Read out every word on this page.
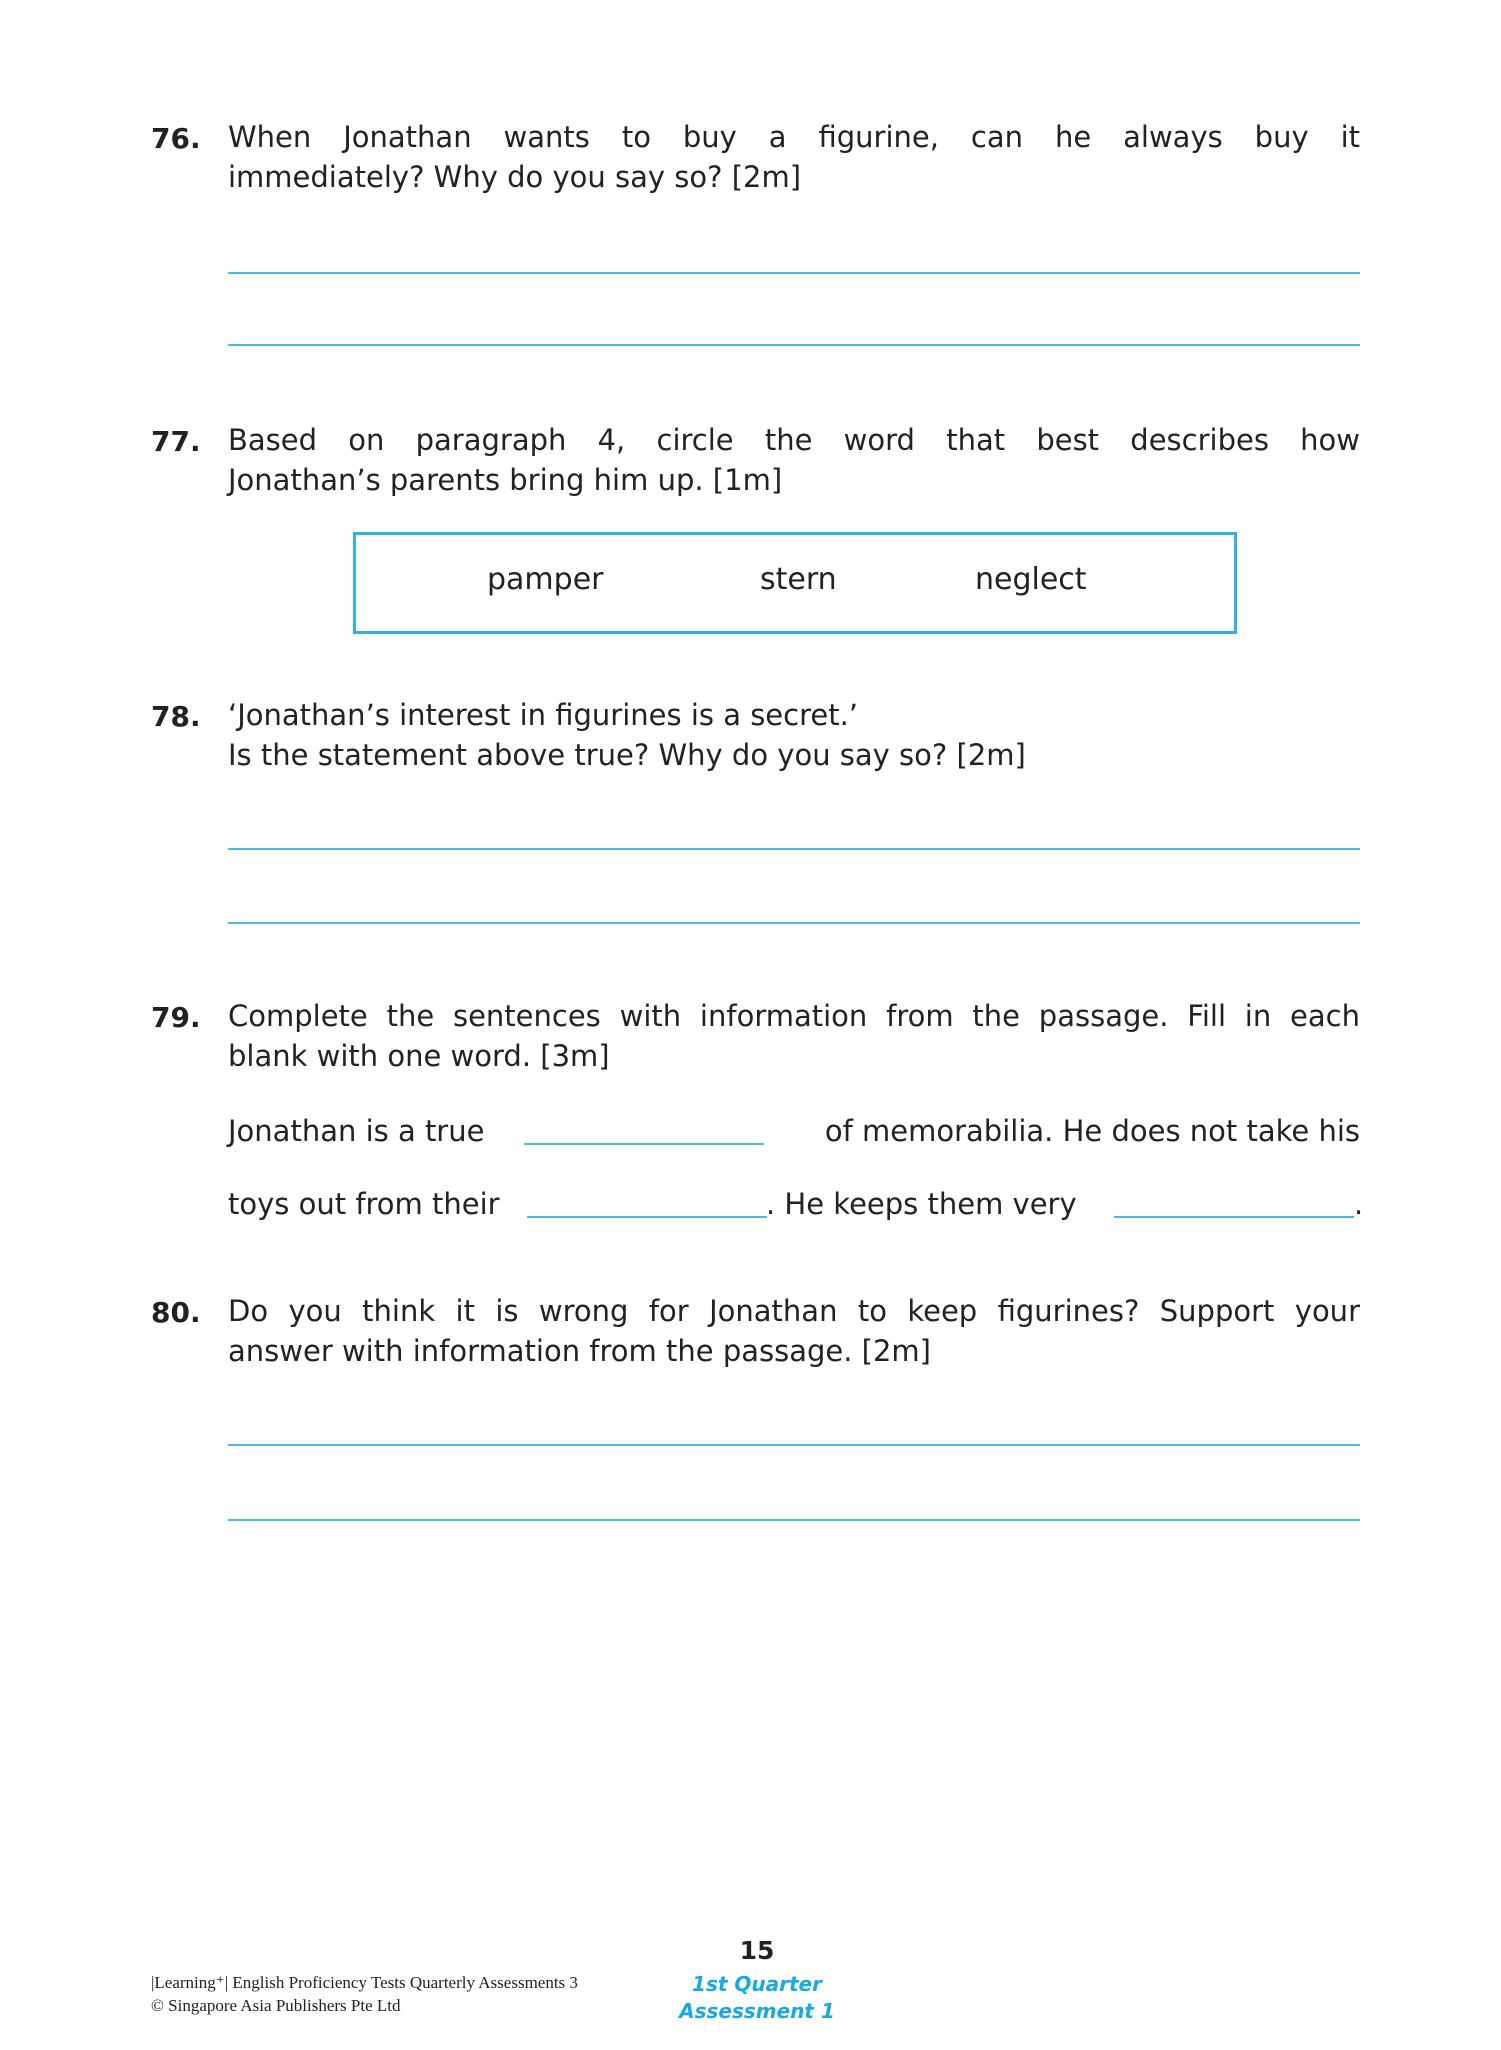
76. When Jonathan wants to buy a figurine, can he always buy it
immediately? Why do you say so? [2m]
77. Based on paragraph 4, circle the word that best describes how
Jonathan’s parents bring him up. [1m]
pamper	stern	neglect
78. ‘Jonathan’s interest in figurines is a secret.’
Is the statement above true? Why do you say so? [2m]
79. Complete the sentences with information from the passage. Fill in each
blank with one word. [3m]
Jonathan is a true	of memorabilia. He does not take his
toys out from their	. He keeps them very	.
80. Do you think it is wrong for Jonathan to keep figurines? Support your
answer with information from the passage. [2m]
15
|Learning⁺| English Proficiency Tests Quarterly Assessments 3
© Singapore Asia Publishers Pte Ltd
1st Quarter
Assessment 1
